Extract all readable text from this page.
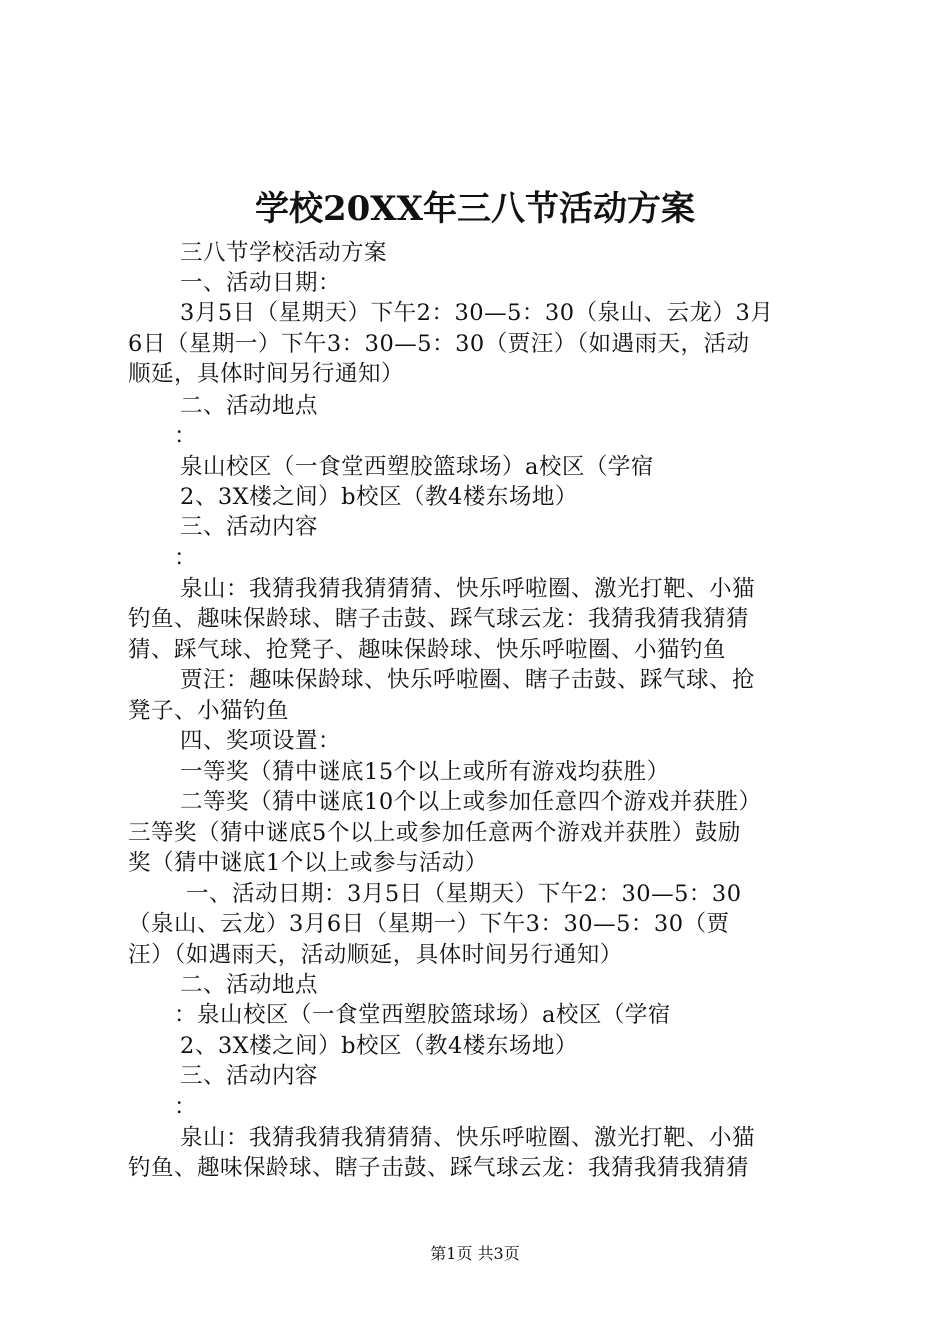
学校20XX年三八节活动方案
三八节学校活动方案
一、活动日期：
3月5日（星期天）下午2：30—5：30（泉山、云龙）3月
6日（星期一）下午3：30—5：30（贾汪）（如遇雨天，活动
顺延，具体时间另行通知）
二、活动地点
：
泉山校区（一食堂西塑胶篮球场）a校区（学宿
2、3X楼之间）b校区（教4楼东场地）
三、活动内容
：
泉山：我猜我猜我猜猜猜、快乐呼啦圈、激光打靶、小猫
钓鱼、趣味保龄球、瞎子击鼓、踩气球云龙：我猜我猜我猜猜
猜、踩气球、抢凳子、趣味保龄球、快乐呼啦圈、小猫钓鱼
贾汪：趣味保龄球、快乐呼啦圈、瞎子击鼓、踩气球、抢
凳子、小猫钓鱼
四、奖项设置：
一等奖（猜中谜底15个以上或所有游戏均获胜）
二等奖（猜中谜底10个以上或参加任意四个游戏并获胜）
三等奖（猜中谜底5个以上或参加任意两个游戏并获胜）鼓励
奖（猜中谜底1个以上或参与活动）
一、活动日期：3月5日（星期天）下午2：30—5：30
（泉山、云龙）3月6日（星期一）下午3：30—5：30（贾
汪）（如遇雨天，活动顺延，具体时间另行通知）
二、活动地点
：泉山校区（一食堂西塑胶篮球场）a校区（学宿
2、3X楼之间）b校区（教4楼东场地）
三、活动内容
：
泉山：我猜我猜我猜猜猜、快乐呼啦圈、激光打靶、小猫
钓鱼、趣味保龄球、瞎子击鼓、踩气球云龙：我猜我猜我猜猜
第1页 共3页
